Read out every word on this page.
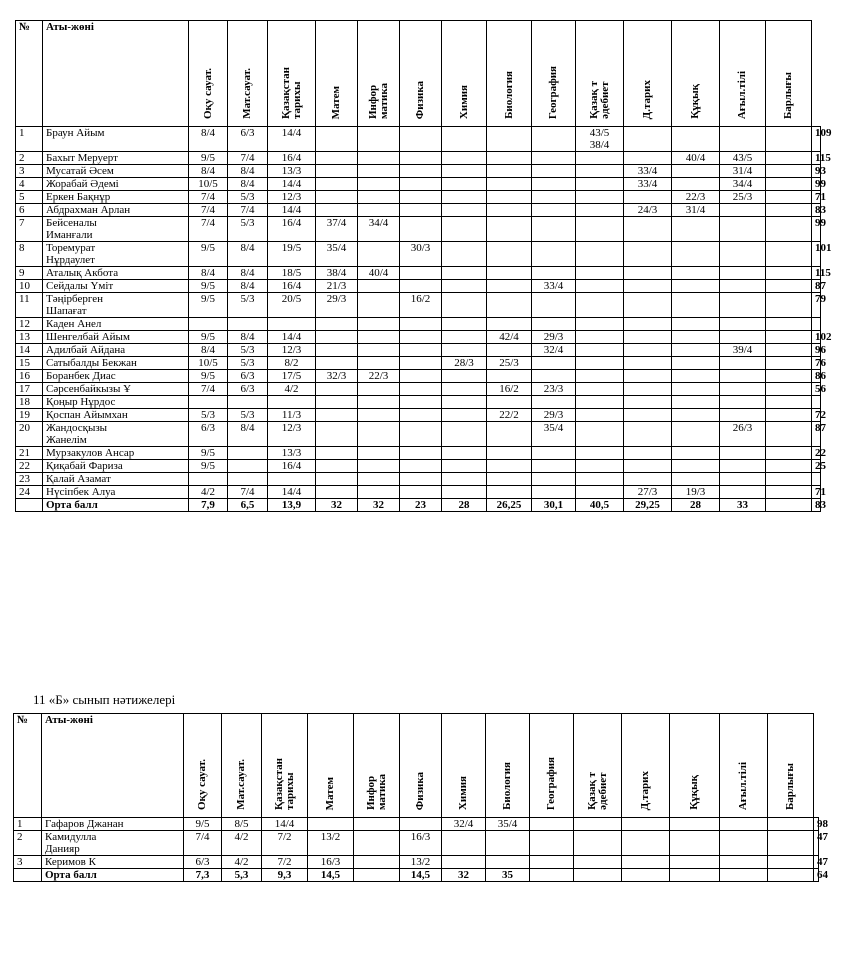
№	Аты-жөні	Оқу сауат.	Мат.сауат.	Қазақстан
тарихы	Матем	Инфор
матика	Физика	Химия	Биология	География	Қазақ т
әдебиет	Д.тарих	Құқық	Ағыл.тілі	Барлығы	
1	Браун Айым	8/4	6/3	14/4							43/5
38/4					109
2	Бахыт Меруерт	9/5	7/4	16/4									40/4	43/5		115
3	Мусатай Әсем	8/4	8/4	13/3								33/4		31/4		93
4	Жорабай Әдемі	10/5	8/4	14/4								33/4		34/4		99
5	Еркен Бақнұр	7/4	5/3	12/3									22/3	25/3		71
6	Абдрахман Арлан	7/4	7/4	14/4								24/3	31/4			83
7	Бейсеналы
Иманғали	7/4	5/3	16/4	37/4	34/4										99
8	Торемурат
Нұрдаулет	9/5	8/4	19/5	35/4		30/3									101
9	Аталық Акбота	8/4	8/4	18/5	38/4	40/4										115
10	Сейдалы Үміт	9/5	8/4	16/4	21/3					33/4						87
11	Тәңірберген
Шапағат	9/5	5/3	20/5	29/3		16/2									79
12	Каден Анел															
13	Шенгелбай Айым	9/5	8/4	14/4					42/4	29/3						102
14	Адилбай Айдана	8/4	5/3	12/3						32/4				39/4		96
15	Сатыбалды Бекжан	10/5	5/3	8/2				28/3	25/3							76
16	Боранбек Диас	9/5	6/3	17/5	32/3	22/3										86
17	Сәрсенбайкызы Ұ	7/4	6/3	4/2					16/2	23/3						56
18	Қоңыр Нұрдос															
19	Қоспан Айымхан	5/3	5/3	11/3					22/2	29/3						72
20	Жандосқызы
Жанелім	6/3	8/4	12/3						35/4				26/3		87
21	Мурзакулов Ансар	9/5		13/3												22
22	Қиқабай Фариза	9/5		16/4												25
23	Қалай Азамат															
24	Нүсіпбек Алуа	4/2	7/4	14/4								27/3	19/3			71
	Орта балл	7,9	6,5	13,9	32	32	23	28	26,25	30,1	40,5	29,25	28	33		83
11 «Б» сынып нәтижелері
№	Аты-жөні	Оқу сауат.	Мат.сауат.	Қазақстан
тарихы	Матем	Инфор
матика	Физика	Химия	Биология	География	Қазақ т
әдебиет	Д.тарих	Құқық	Ағыл.тілі	Барлығы	
1	Гафаров Джанан	9/5	8/5	14/4				32/4	35/4							98
2	Камидулла
Данияр	7/4	4/2	7/2	13/2		16/3									47
3	Керимов К	6/3	4/2	7/2	16/3		13/2									47
	Орта балл	7,3	5,3	9,3	14,5		14,5	32	35							64
